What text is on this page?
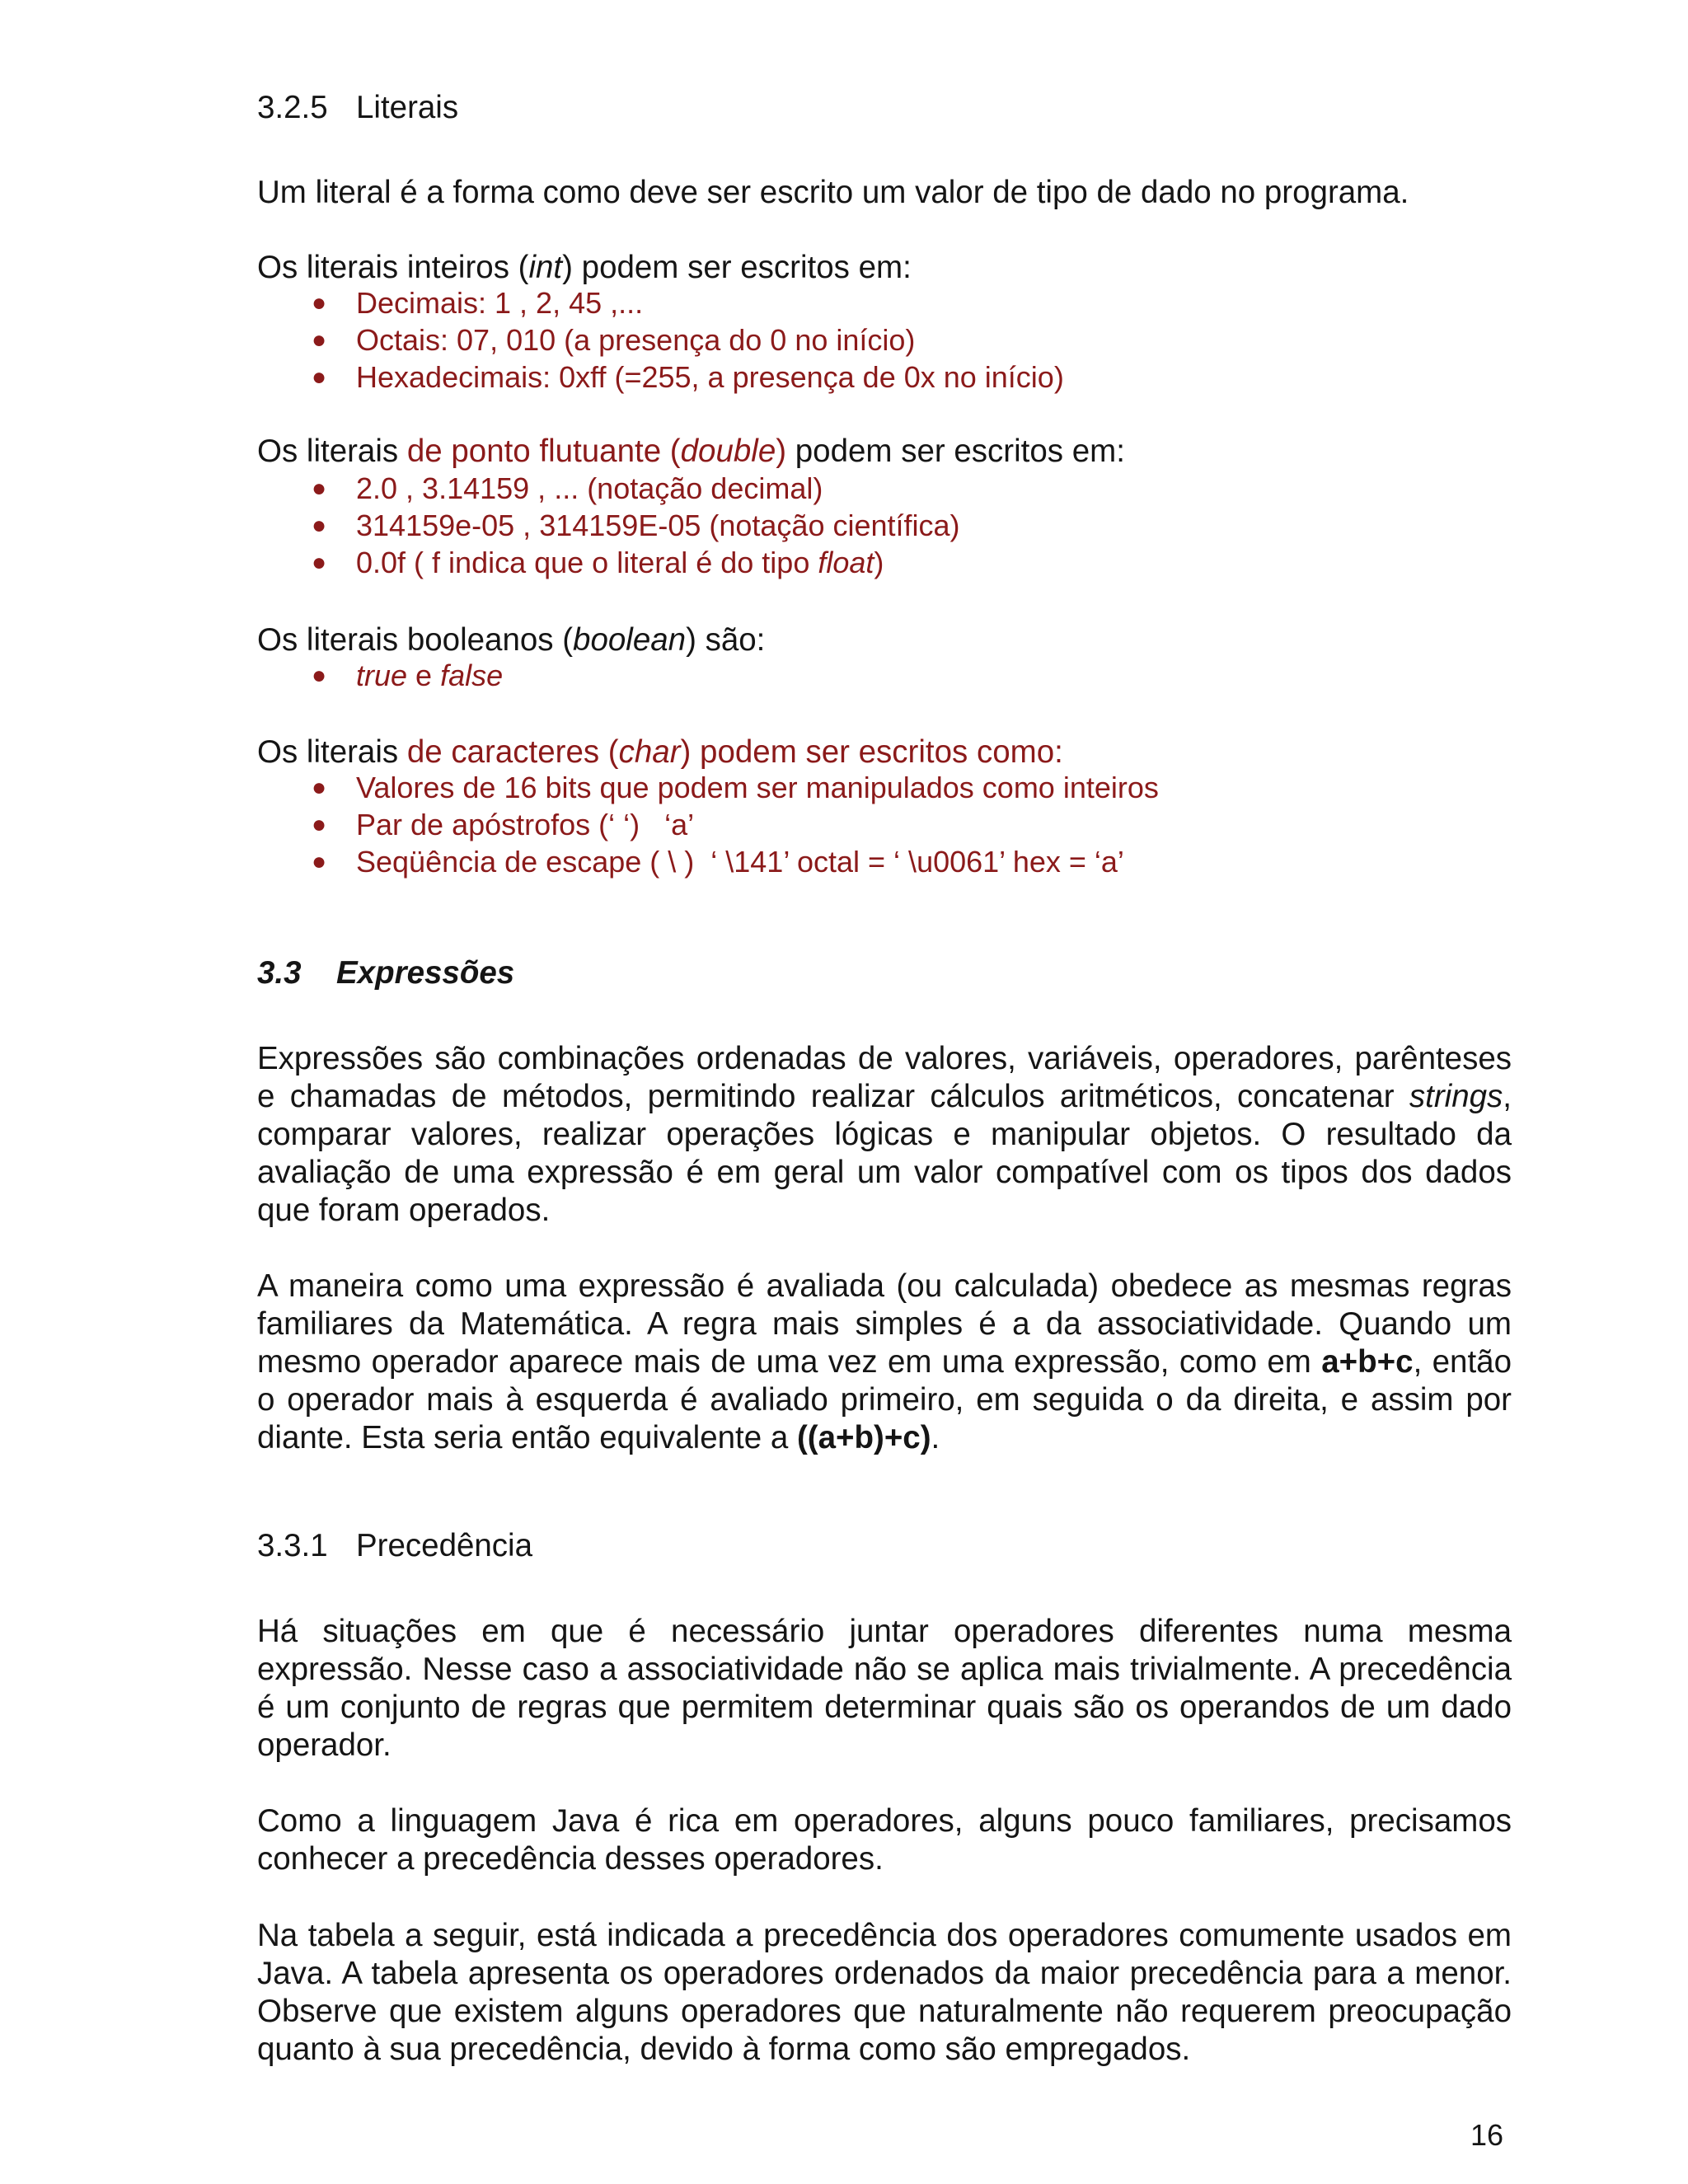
3.2.5 Literais

Um literal é a forma como deve ser escrito um valor de tipo de dado no programa.

Os literais inteiros (int) podem ser escritos em:

● Decimais: 1 , 2, 45 ,...
● Octais: 07, 010 (a presença do 0 no início)
● Hexadecimais: 0xff (=255, a presença de 0x no início)

Os literais de ponto flutuante (double) podem ser escritos em:

● 2.0 , 3.14159 , ... (notação decimal)
● 314159e-05 , 314159E-05 (notação científica)
● 0.0f ( f indica que o literal é do tipo float)

Os literais booleanos (boolean) são:

● true e false

Os literais de caracteres (char) podem ser escritos como:

● Valores de 16 bits que podem ser manipulados como inteiros
● Par de apóstrofos (‘ ‘)   ‘a’
● Seqüência de escape ( \ )  ‘ \141’ octal = ‘ \u0061’ hex = ‘a’
3.3 Expressões

Expressões são combinações ordenadas de valores, variáveis, operadores, parênteses e chamadas de métodos, permitindo realizar cálculos aritméticos, concatenar strings, comparar valores, realizar operações lógicas e manipular objetos. O resultado da avaliação de uma expressão é em geral um valor compatível com os tipos dos dados que foram operados.

A maneira como uma expressão é avaliada (ou calculada) obedece as mesmas regras familiares da Matemática. A regra mais simples é a da associatividade. Quando um mesmo operador aparece mais de uma vez em uma expressão, como em a+b+c, então o operador mais à esquerda é avaliado primeiro, em seguida o da direita, e assim por diante. Esta seria então equivalente a ((a+b)+c).

3.3.1 Precedência

Há situações em que é necessário juntar operadores diferentes numa mesma expressão. Nesse caso a associatividade não se aplica mais trivialmente. A precedência é um conjunto de regras que permitem determinar quais são os operandos de um dado operador.

Como a linguagem Java é rica em operadores, alguns pouco familiares, precisamos conhecer a precedência desses operadores.

Na tabela a seguir, está indicada a precedência dos operadores comumente usados em Java. A tabela apresenta os operadores ordenados da maior precedência para a menor. Observe que existem alguns operadores que naturalmente não requerem preocupação quanto à sua precedência, devido à forma como são empregados.

16
